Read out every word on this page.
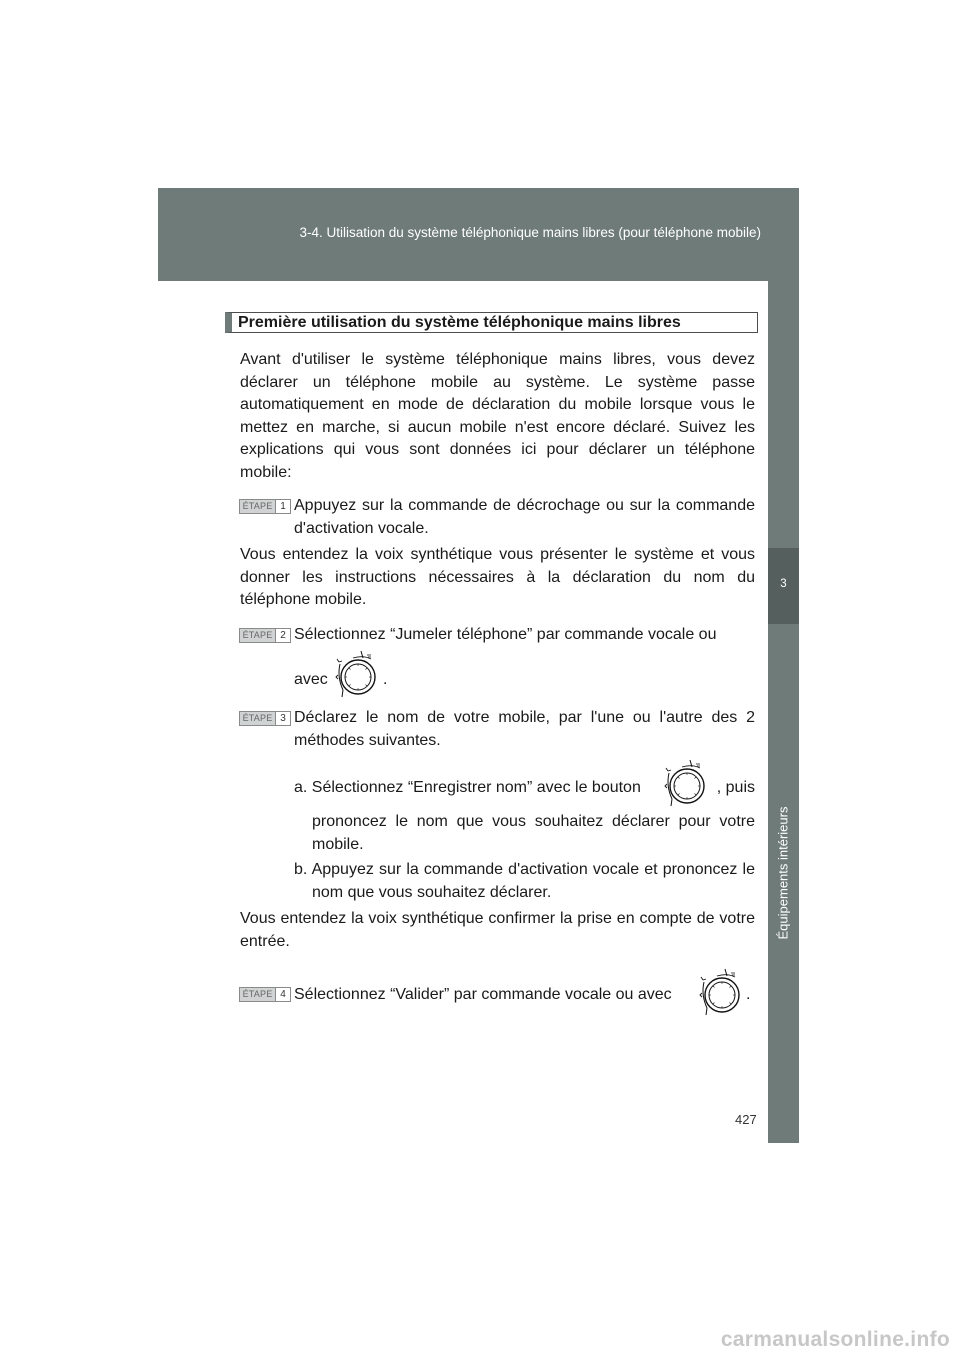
3-4. Utilisation du système téléphonique mains libres (pour téléphone mobile)
3
Équipements intérieurs
Première utilisation du système téléphonique mains libres

Avant d'utiliser le système téléphonique mains libres, vous devez déclarer un téléphone mobile au système. Le système passe automatiquement en mode de déclaration du mobile lorsque vous le mettez en marche, si aucun mobile n'est encore déclaré. Suivez les explications qui vous sont données ici pour déclarer un téléphone mobile:

ÉTAPE 1 Appuyez sur la commande de décrochage ou sur la commande d'activation vocale.

Vous entendez la voix synthétique vous présenter le système et vous donner les instructions nécessaires à la déclaration du nom du téléphone mobile.

ÉTAPE 2 Sélectionnez “Jumeler téléphone” par commande vocale ou

avec	.
ÉTAPE 3 Déclarez le nom de votre mobile, par l'une ou l'autre des 2 méthodes suivantes.

a. Sélectionnez “Enregistrer nom” avec le bouton	, puis

prononcez le nom que vous souhaitez déclarer pour votre mobile.

b. Appuyez sur la commande d'activation vocale et prononcez le nom que vous souhaitez déclarer.

Vous entendez la voix synthétique confirmer la prise en compte de votre entrée.

ÉTAPE 4 Sélectionnez “Valider” par commande vocale ou avec	.
427
carmanualsonline.info
